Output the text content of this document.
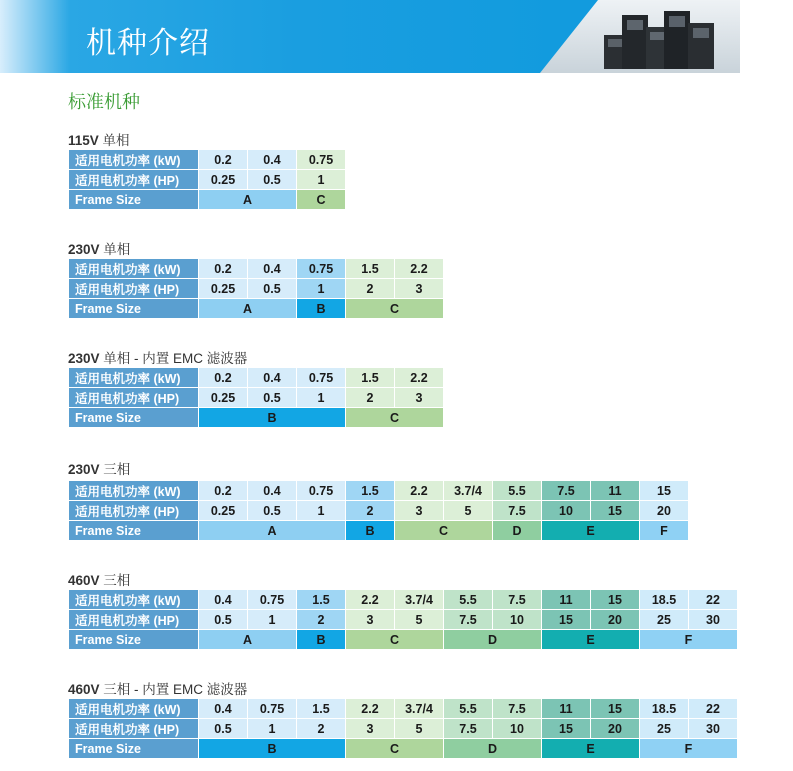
机种介绍
标准机种
115V 单相
适用电机功率 (kW)	0.2	0.4	0.75
适用电机功率 (HP)	0.25	0.5	1
Frame Size	A		C
230V 单相
适用电机功率 (kW)	0.2	0.4	0.75	1.5	2.2
适用电机功率 (HP)	0.25	0.5	1	2	3
Frame Size	A		B	C	
230V 单相 - 内置 EMC 滤波器
适用电机功率 (kW)	0.2	0.4	0.75	1.5	2.2
适用电机功率 (HP)	0.25	0.5	1	2	3
Frame Size	B			C	
230V 三相
适用电机功率 (kW)	0.2	0.4	0.75	1.5	2.2	3.7/4	5.5	7.5	11	15
适用电机功率 (HP)	0.25	0.5	1	2	3	5	7.5	10	15	20
Frame Size	A			B	C		D	E		F
460V 三相
适用电机功率 (kW)	0.4	0.75	1.5	2.2	3.7/4	5.5	7.5	11	15	18.5	22
适用电机功率 (HP)	0.5	1	2	3	5	7.5	10	15	20	25	30
Frame Size	A		B	C		D		E		F	
460V 三相 - 内置 EMC 滤波器
适用电机功率 (kW)	0.4	0.75	1.5	2.2	3.7/4	5.5	7.5	11	15	18.5	22
适用电机功率 (HP)	0.5	1	2	3	5	7.5	10	15	20	25	30
Frame Size	B			C		D		E		F	
